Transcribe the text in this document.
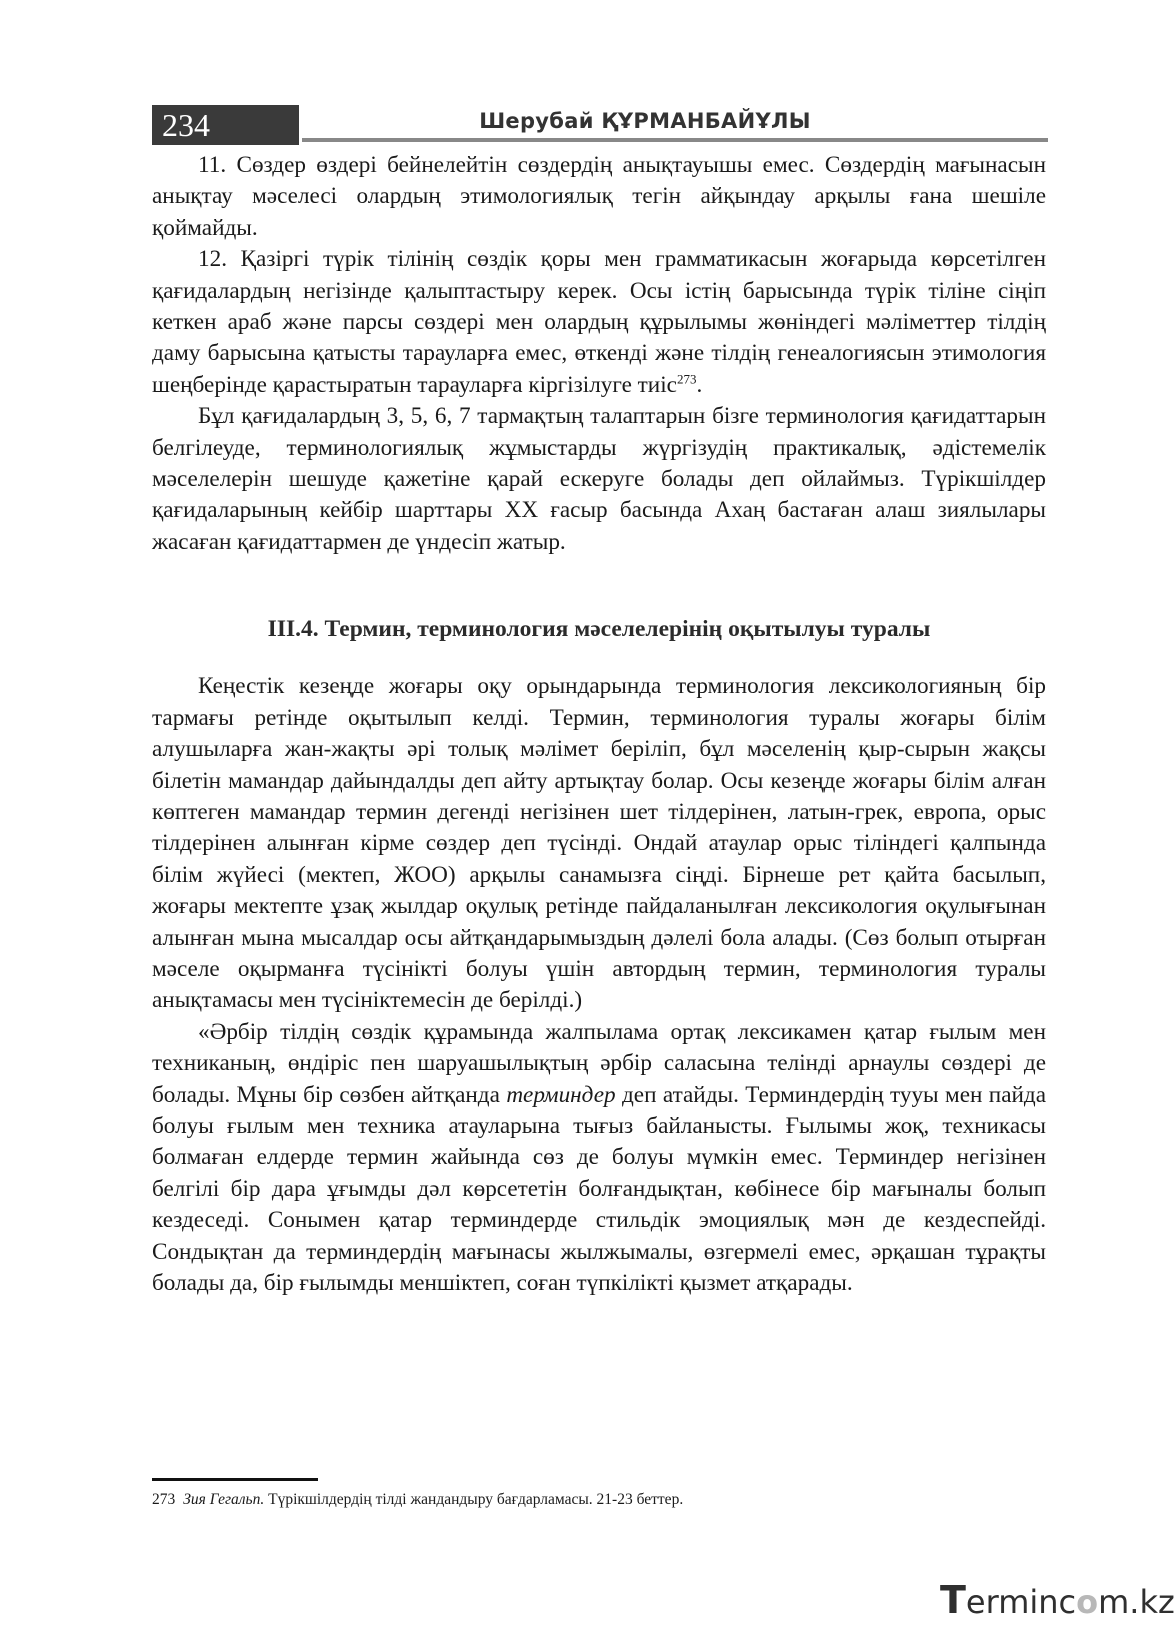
234	Шерубай ҚҰРМАНБАЙҰЛЫ

11. Сөздер өздері бейнелейтін сөздердің анықтауышы емес. Сөздердің мағынасын анықтау мәселесі олардың этимологиялық тегін айқындау арқылы ғана шешіле қоймайды.

12. Қазіргі түрік тілінің сөздік қоры мен грамматикасын жоғарыда көрсетілген қағидалардың негізінде қалыптастыру керек. Осы істің барысында түрік тіліне сіңіп кеткен араб және парсы сөздері мен олардың құрылымы жөніндегі мәліметтер тілдің даму барысына қатысты тарауларға емес, өткенді және тілдің генеалогиясын этимология шеңберінде қарастыратын тарауларға кіргізілуге тиіс$^{273}$.

Бұл қағидалардың 3, 5, 6, 7 тармақтың талаптарын бізге терминология қағидаттарын белгілеуде, терминологиялық жұмыстарды жүргізудің практикалық, әдістемелік мәселелерін шешуде қажетіне қарай ескеруге болады деп ойлаймыз. Түрікшілдер қағидаларының кейбір шарттары ХХ ғасыр басында Ахаң бастаған алаш зиялылары жасаған қағидаттармен де үндесіп жатыр.

III.4. Термин, терминология мәселелерінің оқытылуы туралы

Кеңестік кезеңде жоғары оқу орындарында терминология лексикологияның бір тармағы ретінде оқытылып келді. Термин, терминология туралы жоғары білім алушыларға жан-жақты әрі толық мәлімет беріліп, бұл мәселенің қыр-сырын жақсы білетін мамандар дайындалды деп айту артықтау болар. Осы кезеңде жоғары білім алған көптеген мамандар термин дегенді негізінен шет тілдерінен, латын-грек, европа, орыс тілдерінен алынған кірме сөздер деп түсінді. Ондай атаулар орыс тіліндегі қалпында білім жүйесі (мектеп, ЖОО) арқылы санамызға сіңді. Бірнеше рет қайта басылып, жоғары мектепте ұзақ жылдар оқулық ретінде пайдаланылған лексикология оқулығынан алынған мына мысалдар осы айтқандарымыздың дәлелі бола алады. (Сөз болып отырған мәселе оқырманға түсінікті болуы үшін автордың термин, терминология туралы анықтамасы мен түсініктемесін де берілді.)

«Әрбір тілдің сөздік құрамында жалпылама ортақ лексикамен қатар ғылым мен техниканың, өндіріс пен шаруашылықтың әрбір саласына телінді арнаулы сөздері де болады. Мұны бір сөзбен айтқанда терминдер деп атайды. Терминдердің тууы мен пайда болуы ғылым мен техника атауларына тығыз байланысты. Ғылымы жоқ, техникасы болмаған елдерде термин жайында сөз де болуы мүмкін емес. Терминдер негізінен белгілі бір дара ұғымды дәл көрсететін болғандықтан, көбінесе бір мағыналы болып кездеседі. Сонымен қатар терминдерде стильдік эмоциялық мән де кездеспейді. Сондықтан да терминдердің мағынасы жылжымалы, өзгермелі емес, әрқашан тұрақты болады да, бір ғылымды меншіктеп, соған түпкілікті қызмет атқарады.

273 Зия Гегальп. Түрікшілдердің тілді жандандыру бағдарламасы. 21-23 беттер.
Termincom.kz
